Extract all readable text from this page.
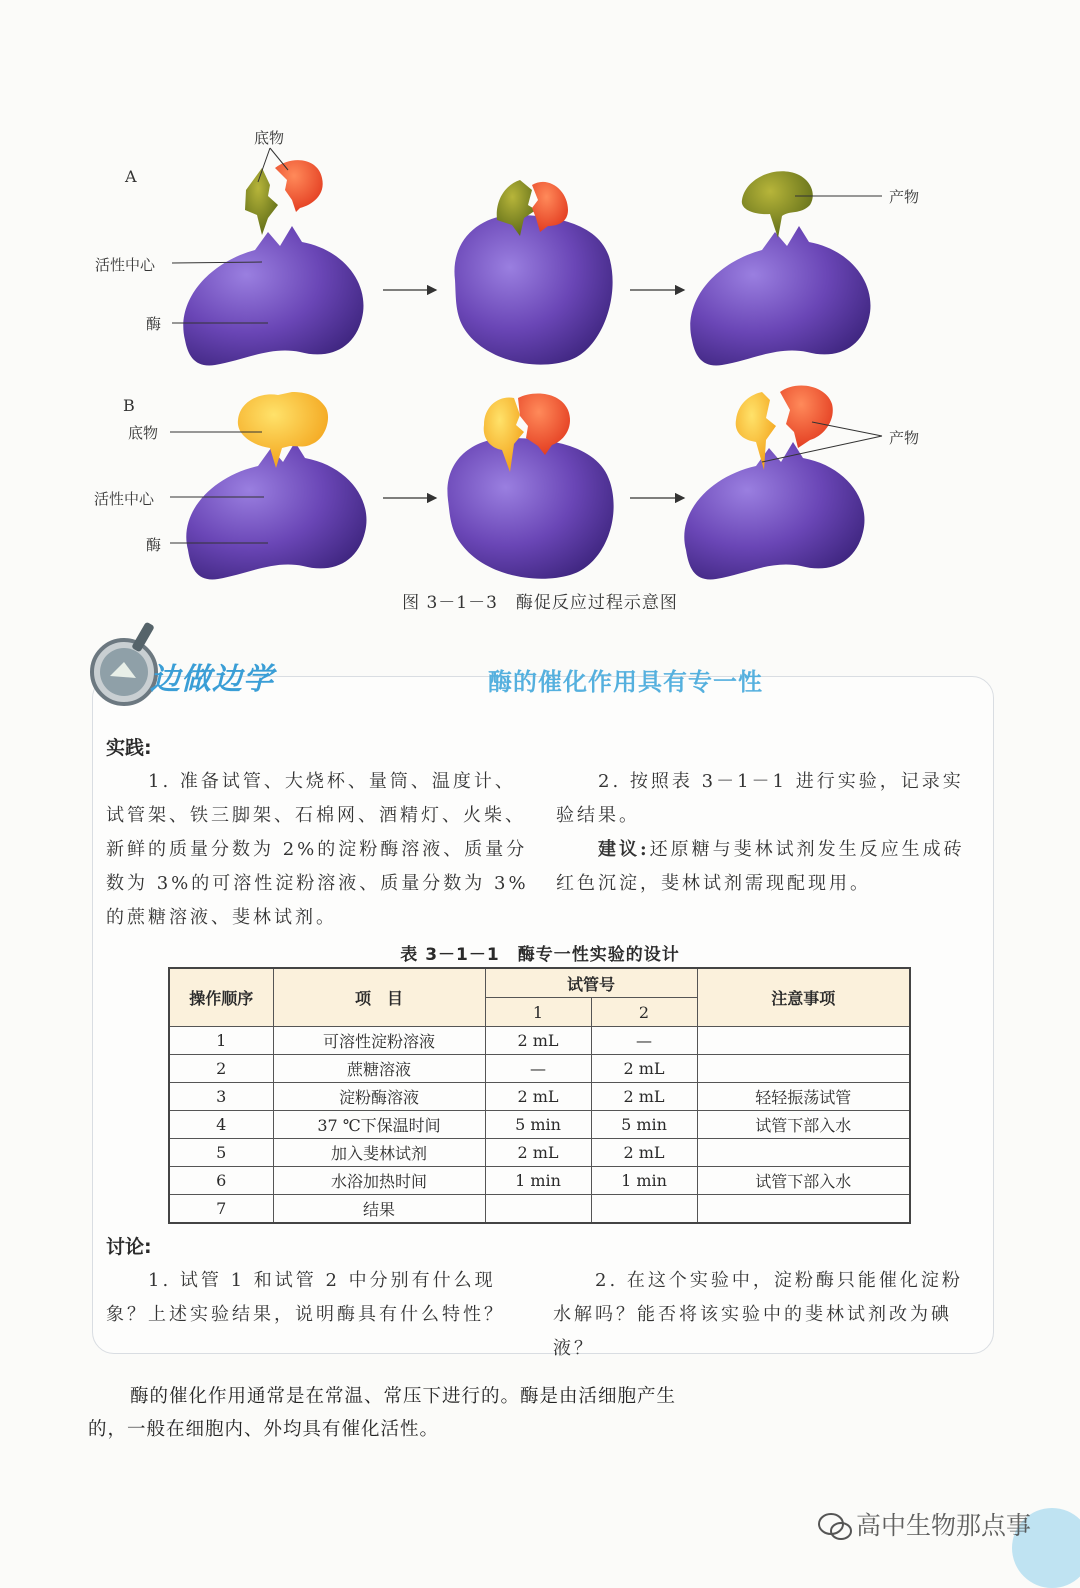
A
B
底物
活性中心
酶
产物
底物
活性中心
酶
产物
图 3－1－3　酶促反应过程示意图
边做边学	酶的催化作用具有专一性
实践:
1. 准备试管、大烧杯、量筒、温度计、试管架、铁三脚架、石棉网、酒精灯、火柴、新鲜的质量分数为 2%的淀粉酶溶液、质量分数为 3%的可溶性淀粉溶液、质量分数为 3%的蔗糖溶液、斐林试剂。
2. 按照表 3－1－1 进行实验，记录实验结果。
建议:还原糖与斐林试剂发生反应生成砖红色沉淀，斐林试剂需现配现用。
表 3－1－1　酶专一性实验的设计
操作顺序	项　目	试管号		注意事项
		1	2	
1	可溶性淀粉溶液	2 mL	—	
2	蔗糖溶液	—	2 mL	
3	淀粉酶溶液	2 mL	2 mL	轻轻振荡试管
4	37 ℃下保温时间	5 min	5 min	试管下部入水
5	加入斐林试剂	2 mL	2 mL	
6	水浴加热时间	1 min	1 min	试管下部入水
7	结果			
讨论:
1. 试管 1 和试管 2 中分别有什么现象？上述实验结果，说明酶具有什么特性？
2. 在这个实验中，淀粉酶只能催化淀粉水解吗？能否将该实验中的斐林试剂改为碘液？
酶的催化作用通常是在常温、常压下进行的。酶是由活细胞产生的，一般在细胞内、外均具有催化活性。
高中生物那点事
